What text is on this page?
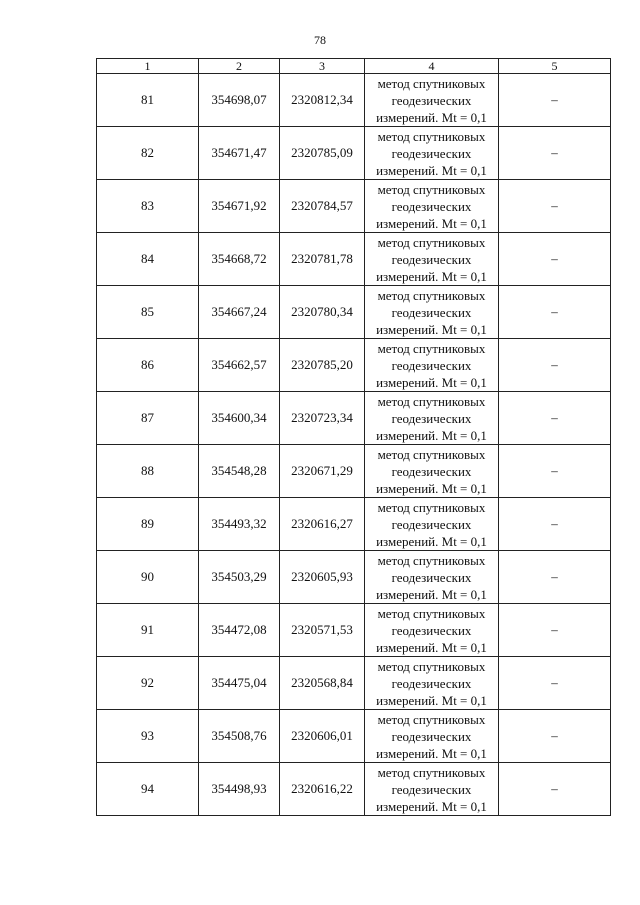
78
1	2	3	4	5
81	354698,07	2320812,34	метод спутниковых
геодезических
измерений. Mt = 0,1	–
82	354671,47	2320785,09	метод спутниковых
геодезических
измерений. Mt = 0,1	–
83	354671,92	2320784,57	метод спутниковых
геодезических
измерений. Mt = 0,1	–
84	354668,72	2320781,78	метод спутниковых
геодезических
измерений. Mt = 0,1	–
85	354667,24	2320780,34	метод спутниковых
геодезических
измерений. Mt = 0,1	–
86	354662,57	2320785,20	метод спутниковых
геодезических
измерений. Mt = 0,1	–
87	354600,34	2320723,34	метод спутниковых
геодезических
измерений. Mt = 0,1	–
88	354548,28	2320671,29	метод спутниковых
геодезических
измерений. Mt = 0,1	–
89	354493,32	2320616,27	метод спутниковых
геодезических
измерений. Mt = 0,1	–
90	354503,29	2320605,93	метод спутниковых
геодезических
измерений. Mt = 0,1	–
91	354472,08	2320571,53	метод спутниковых
геодезических
измерений. Mt = 0,1	–
92	354475,04	2320568,84	метод спутниковых
геодезических
измерений. Mt = 0,1	–
93	354508,76	2320606,01	метод спутниковых
геодезических
измерений. Mt = 0,1	–
94	354498,93	2320616,22	метод спутниковых
геодезических
измерений. Mt = 0,1	–
